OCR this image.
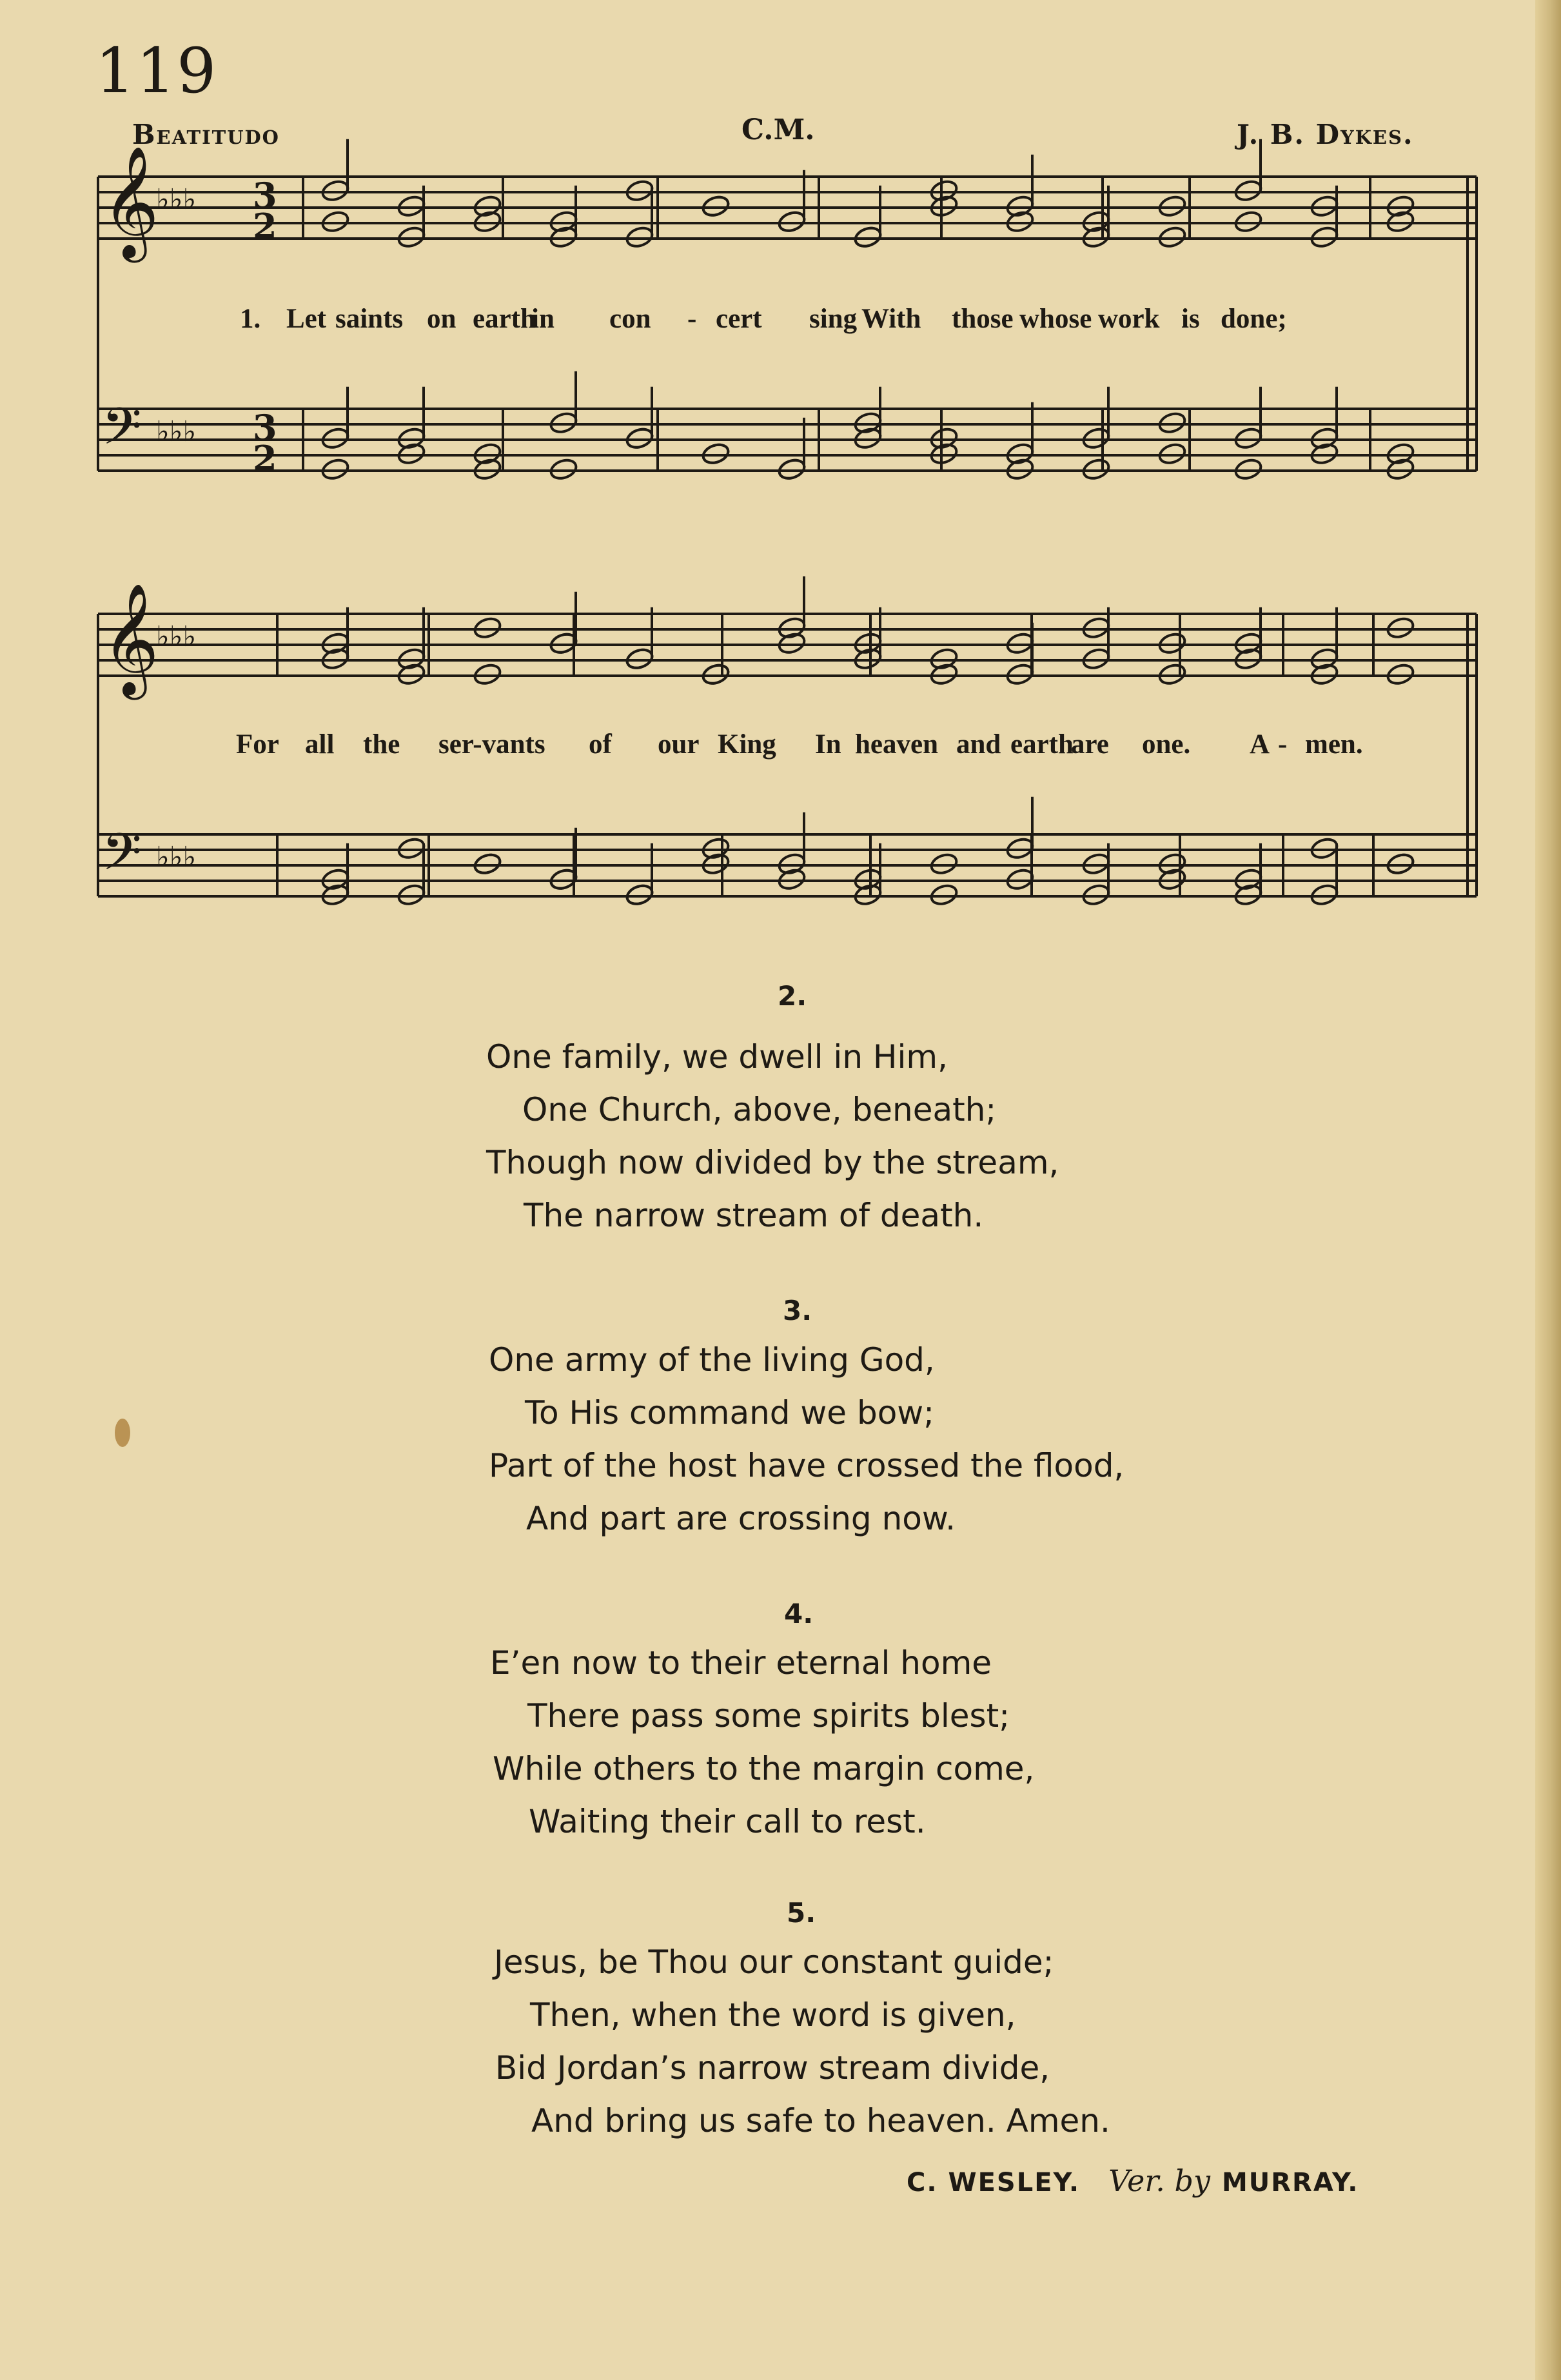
119
Beatitudo	C.M.	J. B. Dykes.
𝄞
♭♭♭
𝄢 ♭♭♭
𝄞
♭♭♭
𝄢 ♭♭♭
3
2
3
2
1. Let saints on earth
in con - cert sing With those whose work is done;
For all the ser-vants of our King In heaven and earth
are one. A - men.
2.
One family, we dwell in Him,
One Church, above, beneath;
Though now divided by the stream,
The narrow stream of death.
3.
One army of the living God,
To His command we bow;
Part of the host have crossed the flood,
And part are crossing now.
4.
E’en now to their eternal home
There pass some spirits blest;
While others to the margin come,
Waiting their call to rest.
5.
Jesus, be Thou our constant guide;
Then, when the word is given,
Bid Jordan’s narrow stream divide,
And bring us safe to heaven. Amen.
C. WESLEY. Ver. by MURRAY.
